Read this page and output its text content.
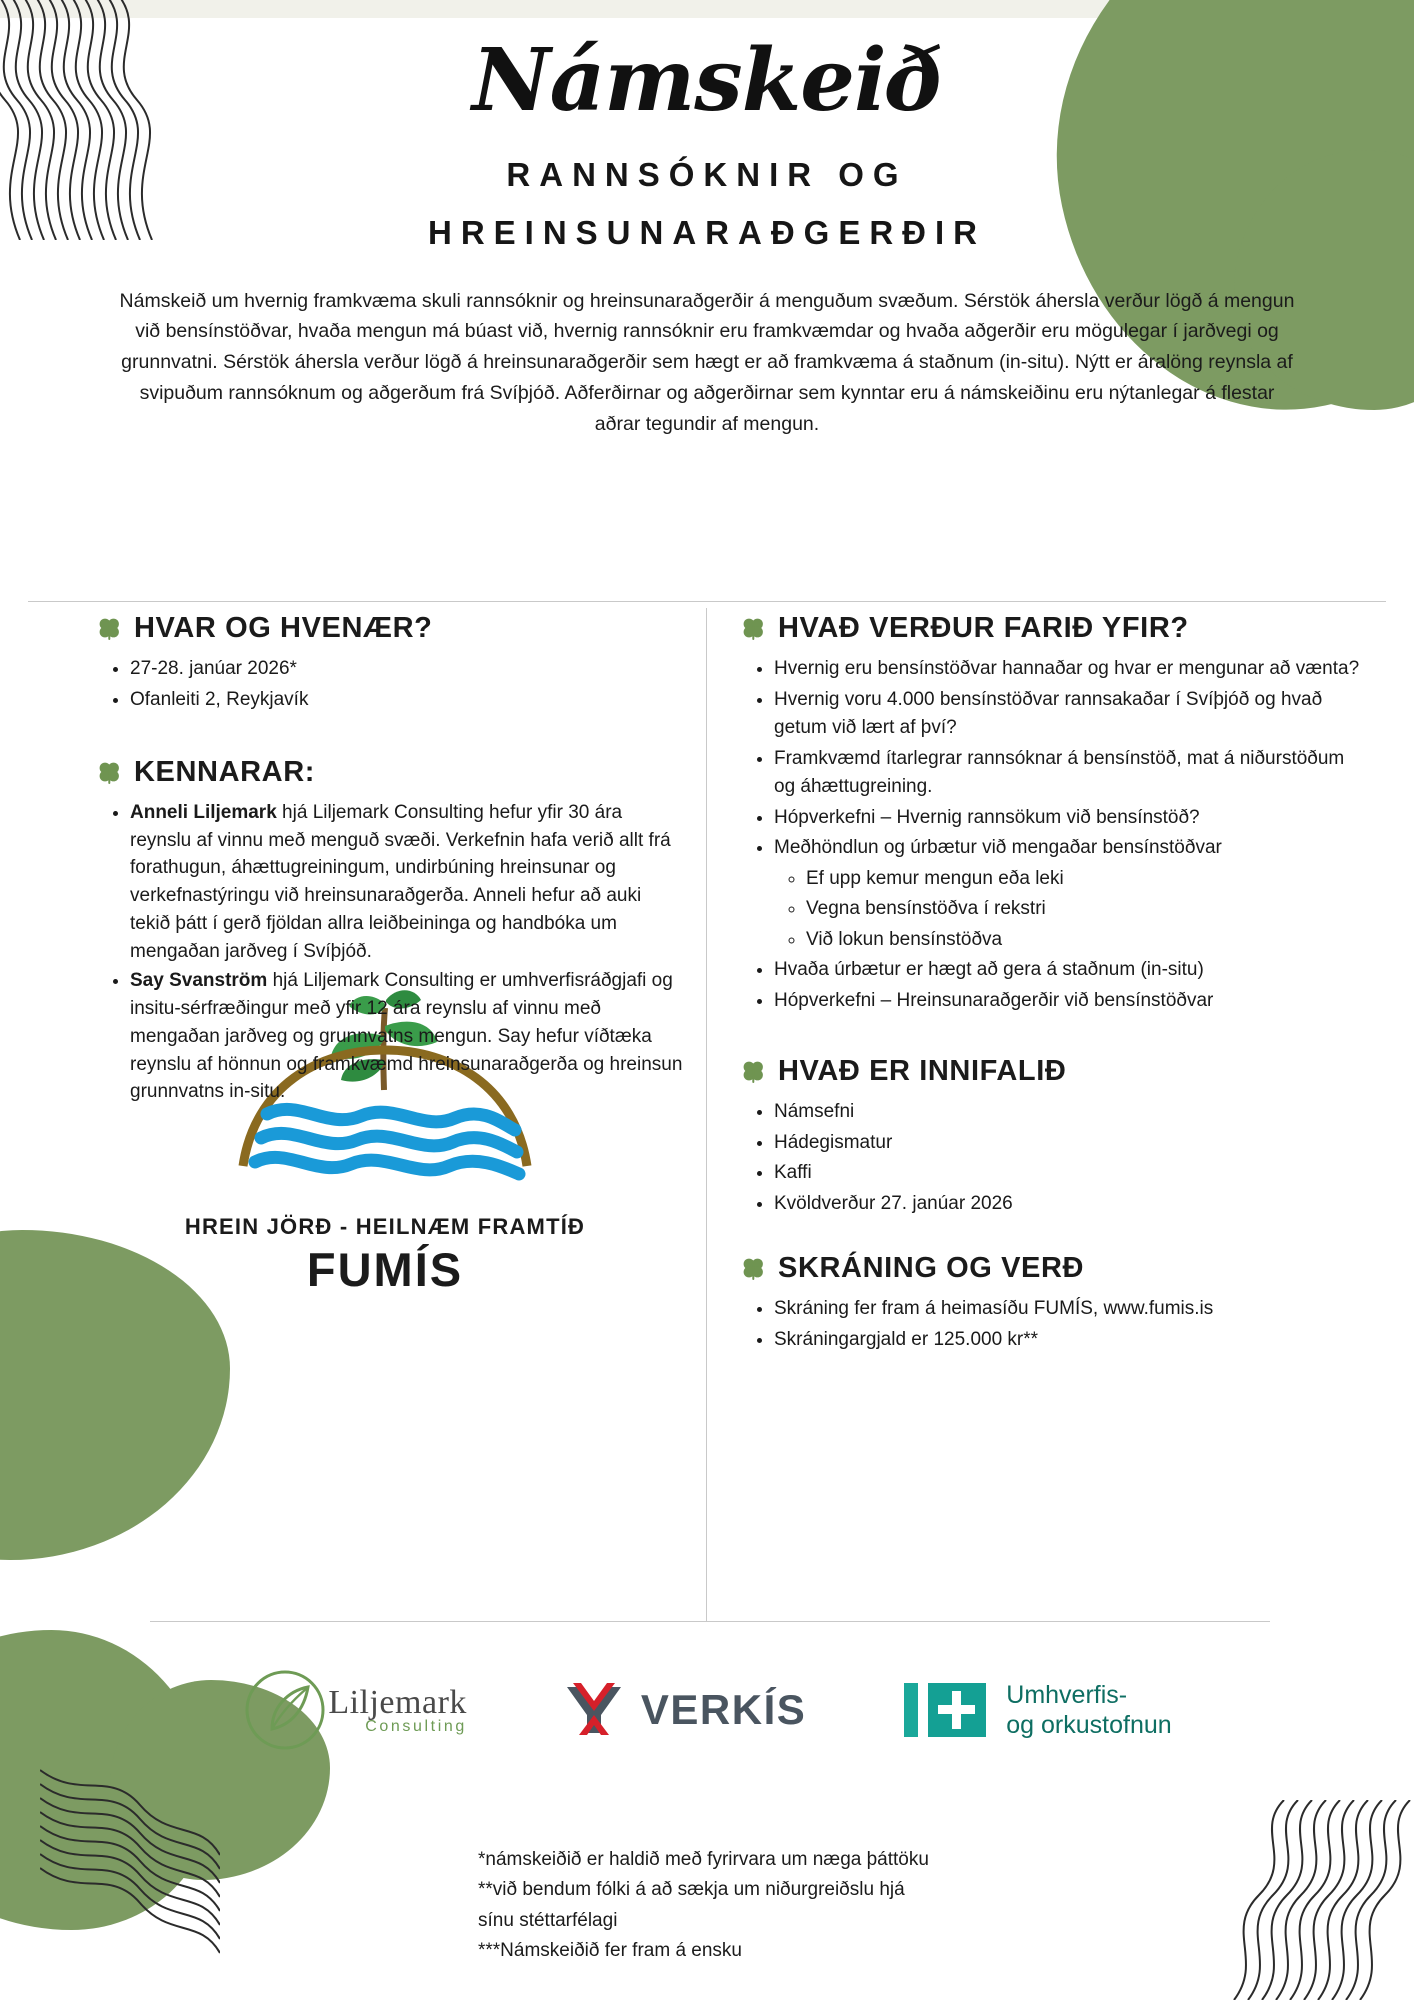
Námskeið
RANNSÓKNIR OG
HREINSUNARAÐGERÐIR

Námskeið um hvernig framkvæma skuli rannsóknir og hreinsunaraðgerðir á menguðum svæðum. Sérstök áhersla verður lögð á mengun við bensínstöðvar, hvaða mengun má búast við, hvernig rannsóknir eru framkvæmdar og hvaða aðgerðir eru mögulegar í jarðvegi og grunnvatni. Sérstök áhersla verður lögð á hreinsunaraðgerðir sem hægt er að framkvæma á staðnum (in-situ). Nýtt er áralöng reynsla af svipuðum rannsóknum og aðgerðum frá Svíþjóð. Aðferðirnar og aðgerðirnar sem kynntar eru á námskeiðinu eru nýtanlegar á flestar aðrar tegundir af mengun.

HVAR OG HVENÆR?
• 27-28. janúar 2026*
• Ofanleiti 2, Reykjavík
KENNARAR:
• Anneli Liljemark hjá Liljemark Consulting hefur yfir 30 ára reynslu af vinnu með menguð svæði. Verkefnin hafa verið allt frá forathugun, áhættugreiningum, undirbúning hreinsunar og verkefnastýringu við hreinsunaraðgerða. Anneli hefur að auki tekið þátt í gerð fjöldan allra leiðbeininga og handbóka um mengaðan jarðveg í Svíþjóð.
• Say Svanström hjá Liljemark Consulting er umhverfisráðgjafi og insitu-sérfræðingur með yfir 12 ára reynslu af vinnu með mengaðan jarðveg og grunnvatns mengun. Say hefur víðtæka reynslu af hönnun og framkvæmd hreinsunaraðgerða og hreinsun grunnvatns in-situ.
HVAÐ VERÐUR FARIÐ YFIR?
• Hvernig eru bensínstöðvar hannaðar og hvar er mengunar að vænta?
• Hvernig voru 4.000 bensínstöðvar rannsakaðar í Svíþjóð og hvað getum við lært af því?
• Framkvæmd ítarlegrar rannsóknar á bensínstöð, mat á niðurstöðum og áhættugreining.
• Hópverkefni – Hvernig rannsökum við bensínstöð?
• Meðhöndlun og úrbætur við mengaðar bensínstöðvar
◦ Ef upp kemur mengun eða leki
◦ Vegna bensínstöðva í rekstri
◦ Við lokun bensínstöðva
• Hvaða úrbætur er hægt að gera á staðnum (in-situ)
• Hópverkefni – Hreinsunaraðgerðir við bensínstöðvar
HVAÐ ER INNIFALIÐ
• Námsefni
• Hádegismatur
• Kaffi
• Kvöldverður 27. janúar 2026
SKRÁNING OG VERÐ
• Skráning fer fram á heimasíðu FUMÍS, www.fumis.is
• Skráningargjald er 125.000 kr**
HREIN JÖRÐ - HEILNÆM FRAMTÍÐ
FUMÍS
Liljemark
Consulting	VERKÍS	Umhverfis-
og orkustofnun
*námskeiðið er haldið með fyrirvara um næga þáttöku
**við bendum fólki á að sækja um niðurgreiðslu hjá
sínu stéttarfélagi
***Námskeiðið fer fram á ensku
